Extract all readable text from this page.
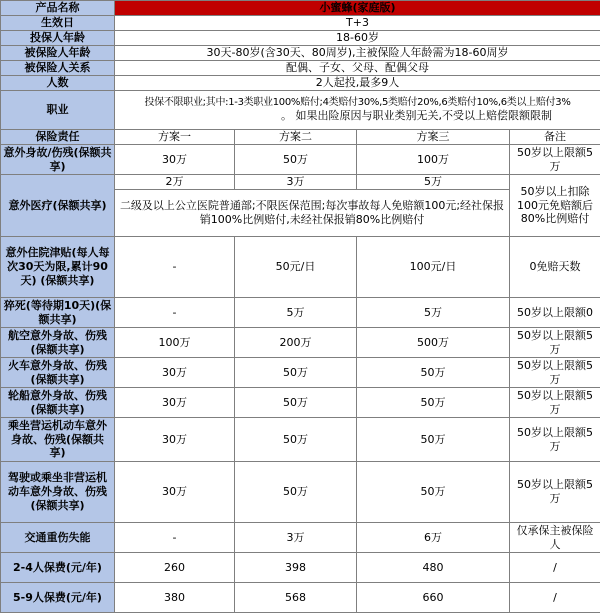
产品名称	小蜜蜂(家庭版)			
生效日	T+3			
投保人年龄	18-60岁			
被保险人年龄	30天-80岁(含30天、80周岁),主被保险人年龄需为18-60周岁			
被保险人关系	配偶、子女、父母、配偶父母			
人数	2人起投,最多9人			
职业	投保不限职业;其中:1-3类职业100%赔付;4类赔付30%,5类赔付20%,6类赔付10%,6类以上赔付3%
。 如果出险原因与职业类别无关,不受以上赔偿限额限制			

保险责任	方案一	方案二	方案三	备注
意外身故/伤残(保额共享)	30万	50万	100万	50岁以上限额5万
意外医疗(保额共享)	2万	3万	5万	50岁以上扣除100元免赔额后80%比例赔付
	二级及以上公立医院普通部;不限医保范围;每次事故每人免赔额100元;经社保报销100%比例赔付,未经社保报销80%比例赔付			
意外住院津贴(每人每次30天为限,累计90天) (保额共享)	-	50元/日	100元/日	0免赔天数
猝死(等待期10天)(保额共享)	-	5万	5万	50岁以上限额0
航空意外身故、伤残(保额共享)	100万	200万	500万	50岁以上限额5万
火车意外身故、伤残(保额共享)	30万	50万	50万	50岁以上限额5万
轮船意外身故、伤残(保额共享)	30万	50万	50万	50岁以上限额5万
乘坐营运机动车意外身故、伤残(保额共享)	30万	50万	50万	50岁以上限额5万
驾驶或乘坐非营运机动车意外身故、伤残(保额共享)	30万	50万	50万	50岁以上限额5万
交通重伤失能	-	3万	6万	仅承保主被保险人
2-4人保费(元/年)	260	398	480	/
5-9人保费(元/年)	380	568	660	/
